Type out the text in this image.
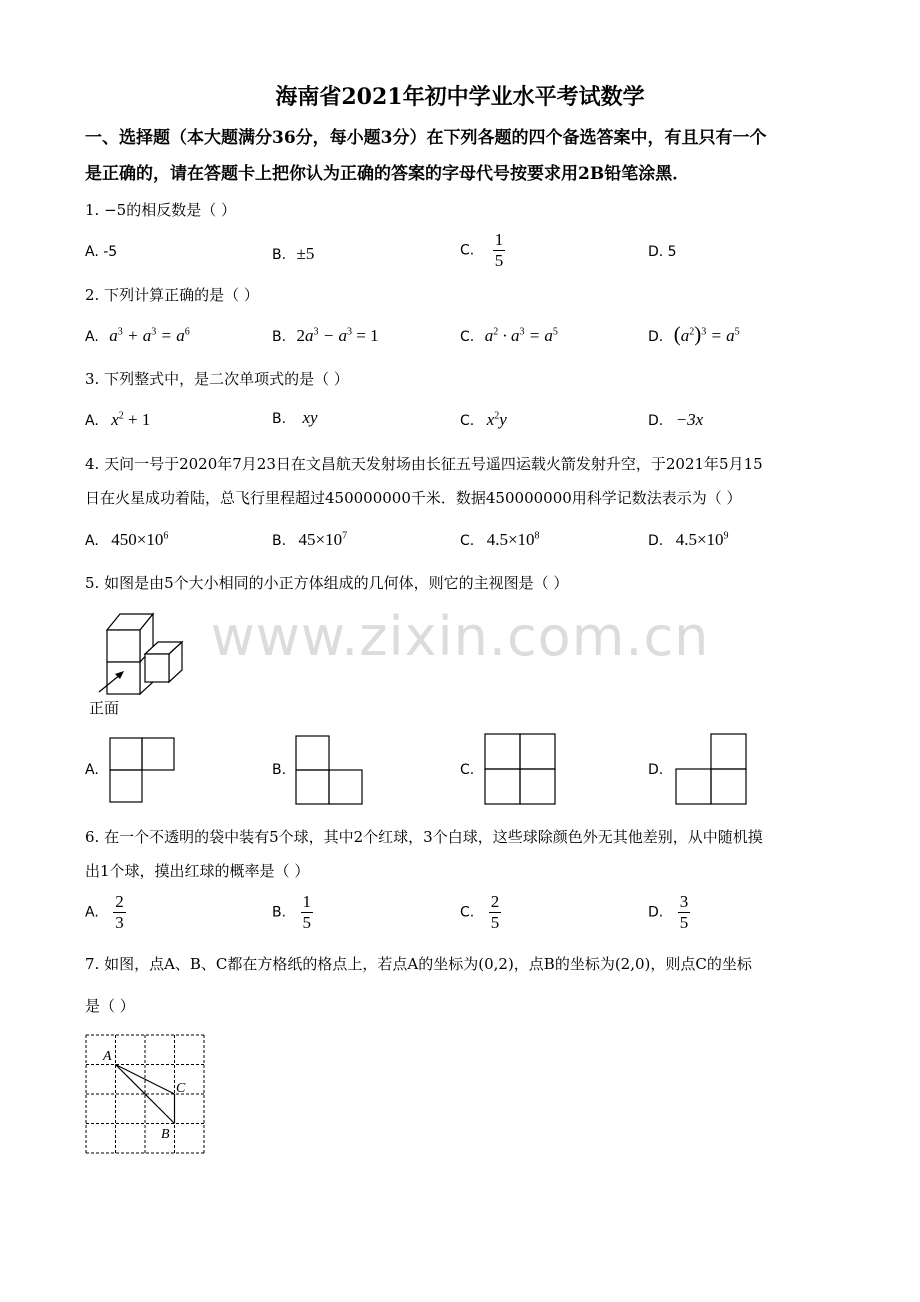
www.zixin.com.cn
海南省2021年初中学业水平考试数学
一、选择题（本大题满分36分，每小题3分）在下列各题的四个备选答案中，有且只有一个
是正确的，请在答题卡上把你认为正确的答案的字母代号按要求用2B铅笔涂黑．
1. −5的相反数是（ ）
A. -5	B. ±5	C. $\frac{1}{5}$	D. 5
2. 下列计算正确的是（ ）
A. $a^3 + a^3 = a^6$	B. $2a^3 - a^3 = 1$	C. $a^2 \cdot a^3 = a^5$	D. $(a^2)^3 = a^5$
3. 下列整式中，是二次单项式的是（ ）
A. $x^2 + 1$	B. xy	C. $x^2y$	D. −3x
4. 天问一号于2020年7月23日在文昌航天发射场由长征五号遥四运载火箭发射升空，于2021年5月15
日在火星成功着陆，总飞行里程超过450000000千米．数据450000000用科学记数法表示为（ ）
A. $450\times 10^6$	B. $45\times 10^7$	C. $4.5\times 10^8$	D. $4.5\times 10^9$
5. 如图是由5个大小相同的小正方体组成的几何体，则它的主视图是（ ）
正面
A.	B.	C.	D.
6. 在一个不透明的袋中装有5个球，其中2个红球，3个白球，这些球除颜色外无其他差别，从中随机摸
出1个球，摸出红球的概率是（ ）
A. $\frac{2}{3}$	B. $\frac{1}{5}$	C. $\frac{2}{5}$	D. $\frac{3}{5}$
7. 如图，点A、B、C都在方格纸的格点上，若点A的坐标为(0,2)，点B的坐标为(2,0)，则点C的坐标
是（ ）
A
C
B
